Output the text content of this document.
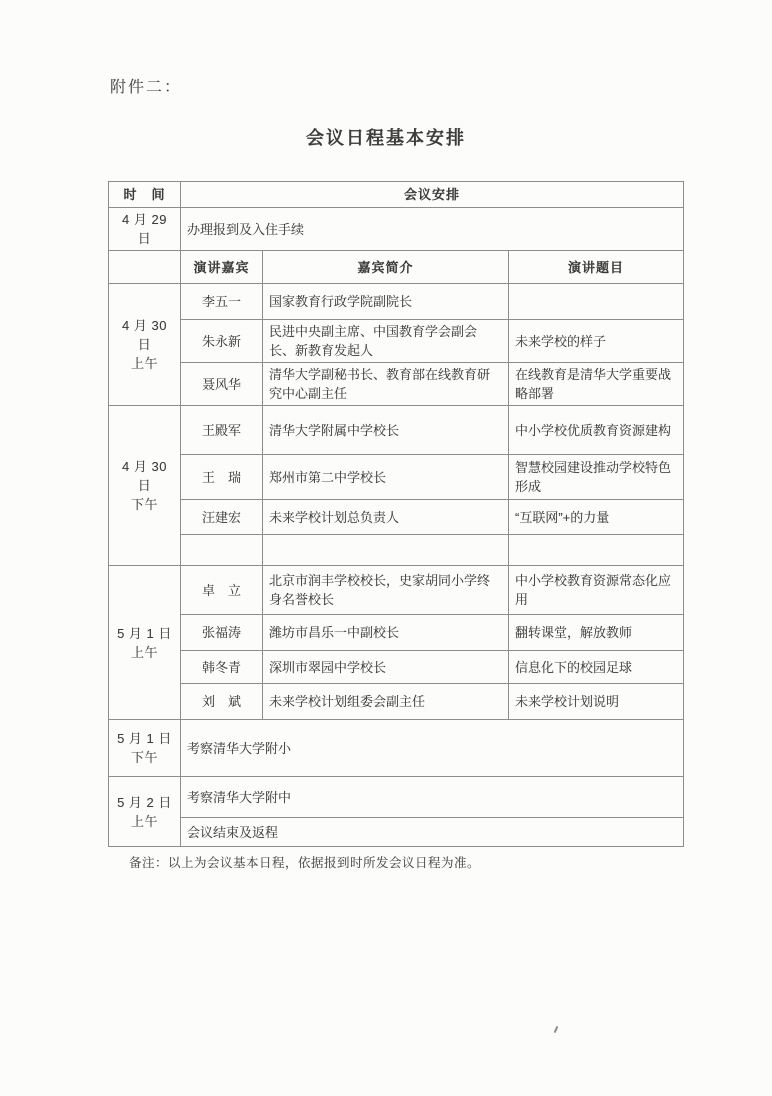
附件二：
会议日程基本安排
时　间	会议安排		
4 月 29 日	办理报到及入住手续		
	演讲嘉宾	嘉宾简介	演讲题目
4 月 30 日
上午	李五一	国家教育行政学院副院长	
	朱永新	民进中央副主席、中国教育学会副会长、新教育发起人	未来学校的样子
	聂风华	清华大学副秘书长、教育部在线教育研究中心副主任	在线教育是清华大学重要战略部署
4 月 30 日
下午	王殿军	清华大学附属中学校长	中小学校优质教育资源建构
	王　瑞	郑州市第二中学校长	智慧校园建设推动学校特色形成
	汪建宏	未来学校计划总负责人	“互联网”+的力量

5 月 1 日
上午	卓　立	北京市润丰学校校长，史家胡同小学终身名誉校长	中小学校教育资源常态化应用
	张福涛	潍坊市昌乐一中副校长	翻转课堂，解放教师
	韩冬青	深圳市翠园中学校长	信息化下的校园足球
	刘　斌	未来学校计划组委会副主任	未来学校计划说明
5 月 1 日
下午	考察清华大学附小		
5 月 2 日
上午	考察清华大学附中		
	会议结束及返程		
备注：以上为会议基本日程，依据报到时所发会议日程为准。
